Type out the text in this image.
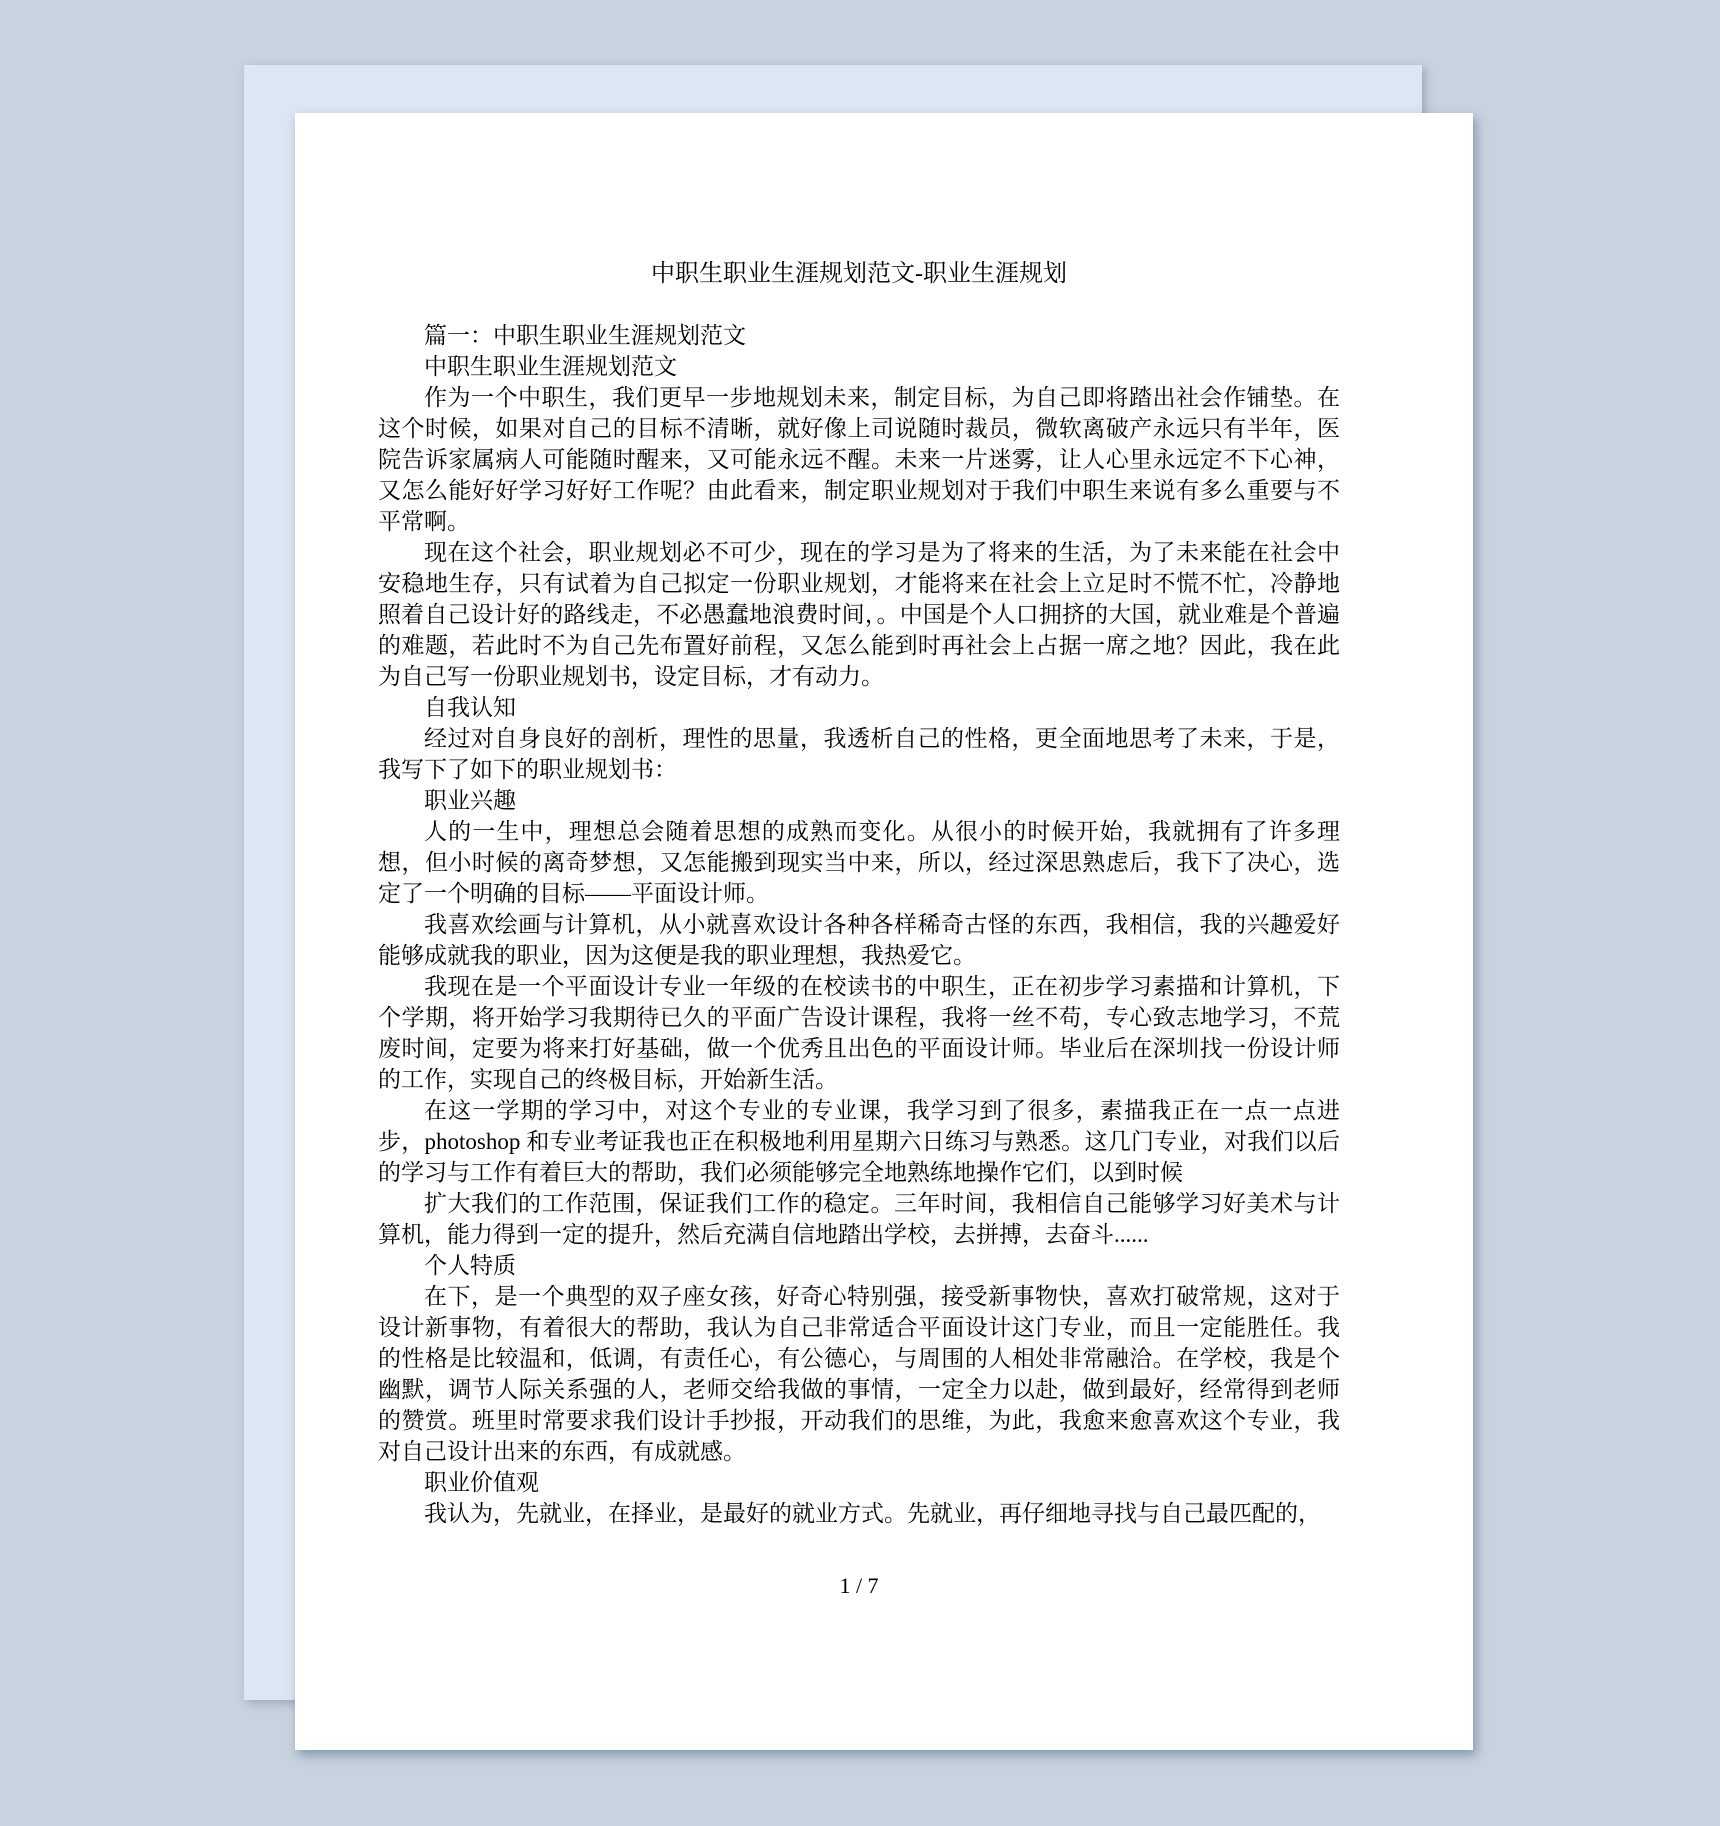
中职生职业生涯规划范文-职业生涯规划

篇一：中职生职业生涯规划范文

中职生职业生涯规划范文

作为一个中职生，我们更早一步地规划未来，制定目标，为自己即将踏出社会作铺垫。在这个时候，如果对自己的目标不清晰，就好像上司说随时裁员，微软离破产永远只有半年，医院告诉家属病人可能随时醒来，又可能永远不醒。未来一片迷雾，让人心里永远定不下心神，又怎么能好好学习好好工作呢？由此看来，制定职业规划对于我们中职生来说有多么重要与不平常啊。

现在这个社会，职业规划必不可少，现在的学习是为了将来的生活，为了未来能在社会中安稳地生存，只有试着为自己拟定一份职业规划，才能将来在社会上立足时不慌不忙，冷静地照着自己设计好的路线走，不必愚蠢地浪费时间，。中国是个人口拥挤的大国，就业难是个普遍的难题，若此时不为自己先布置好前程，又怎么能到时再社会上占据一席之地？因此，我在此为自己写一份职业规划书，设定目标，才有动力。

自我认知

经过对自身良好的剖析，理性的思量，我透析自己的性格，更全面地思考了未来，于是，我写下了如下的职业规划书：

职业兴趣

人的一生中，理想总会随着思想的成熟而变化。从很小的时候开始，我就拥有了许多理想，但小时候的离奇梦想，又怎能搬到现实当中来，所以，经过深思熟虑后，我下了决心，选定了一个明确的目标——平面设计师。

我喜欢绘画与计算机，从小就喜欢设计各种各样稀奇古怪的东西，我相信，我的兴趣爱好能够成就我的职业，因为这便是我的职业理想，我热爱它。

我现在是一个平面设计专业一年级的在校读书的中职生，正在初步学习素描和计算机，下个学期，将开始学习我期待已久的平面广告设计课程，我将一丝不苟，专心致志地学习，不荒废时间，定要为将来打好基础，做一个优秀且出色的平面设计师。毕业后在深圳找一份设计师的工作，实现自己的终极目标，开始新生活。

在这一学期的学习中，对这个专业的专业课，我学习到了很多，素描我正在一点一点进步，photoshop 和专业考证我也正在积极地利用星期六日练习与熟悉。这几门专业，对我们以后的学习与工作有着巨大的帮助，我们必须能够完全地熟练地操作它们，以到时候

扩大我们的工作范围，保证我们工作的稳定。三年时间，我相信自己能够学习好美术与计算机，能力得到一定的提升，然后充满自信地踏出学校，去拼搏，去奋斗......

个人特质

在下，是一个典型的双子座女孩，好奇心特别强，接受新事物快，喜欢打破常规，这对于设计新事物，有着很大的帮助，我认为自己非常适合平面设计这门专业，而且一定能胜任。我的性格是比较温和，低调，有责任心，有公德心，与周围的人相处非常融洽。在学校，我是个幽默，调节人际关系强的人，老师交给我做的事情，一定全力以赴，做到最好，经常得到老师的赞赏。班里时常要求我们设计手抄报，开动我们的思维，为此，我愈来愈喜欢这个专业，我对自己设计出来的东西，有成就感。

职业价值观

我认为，先就业，在择业，是最好的就业方式。先就业，再仔细地寻找与自己最匹配的，

1 / 7
